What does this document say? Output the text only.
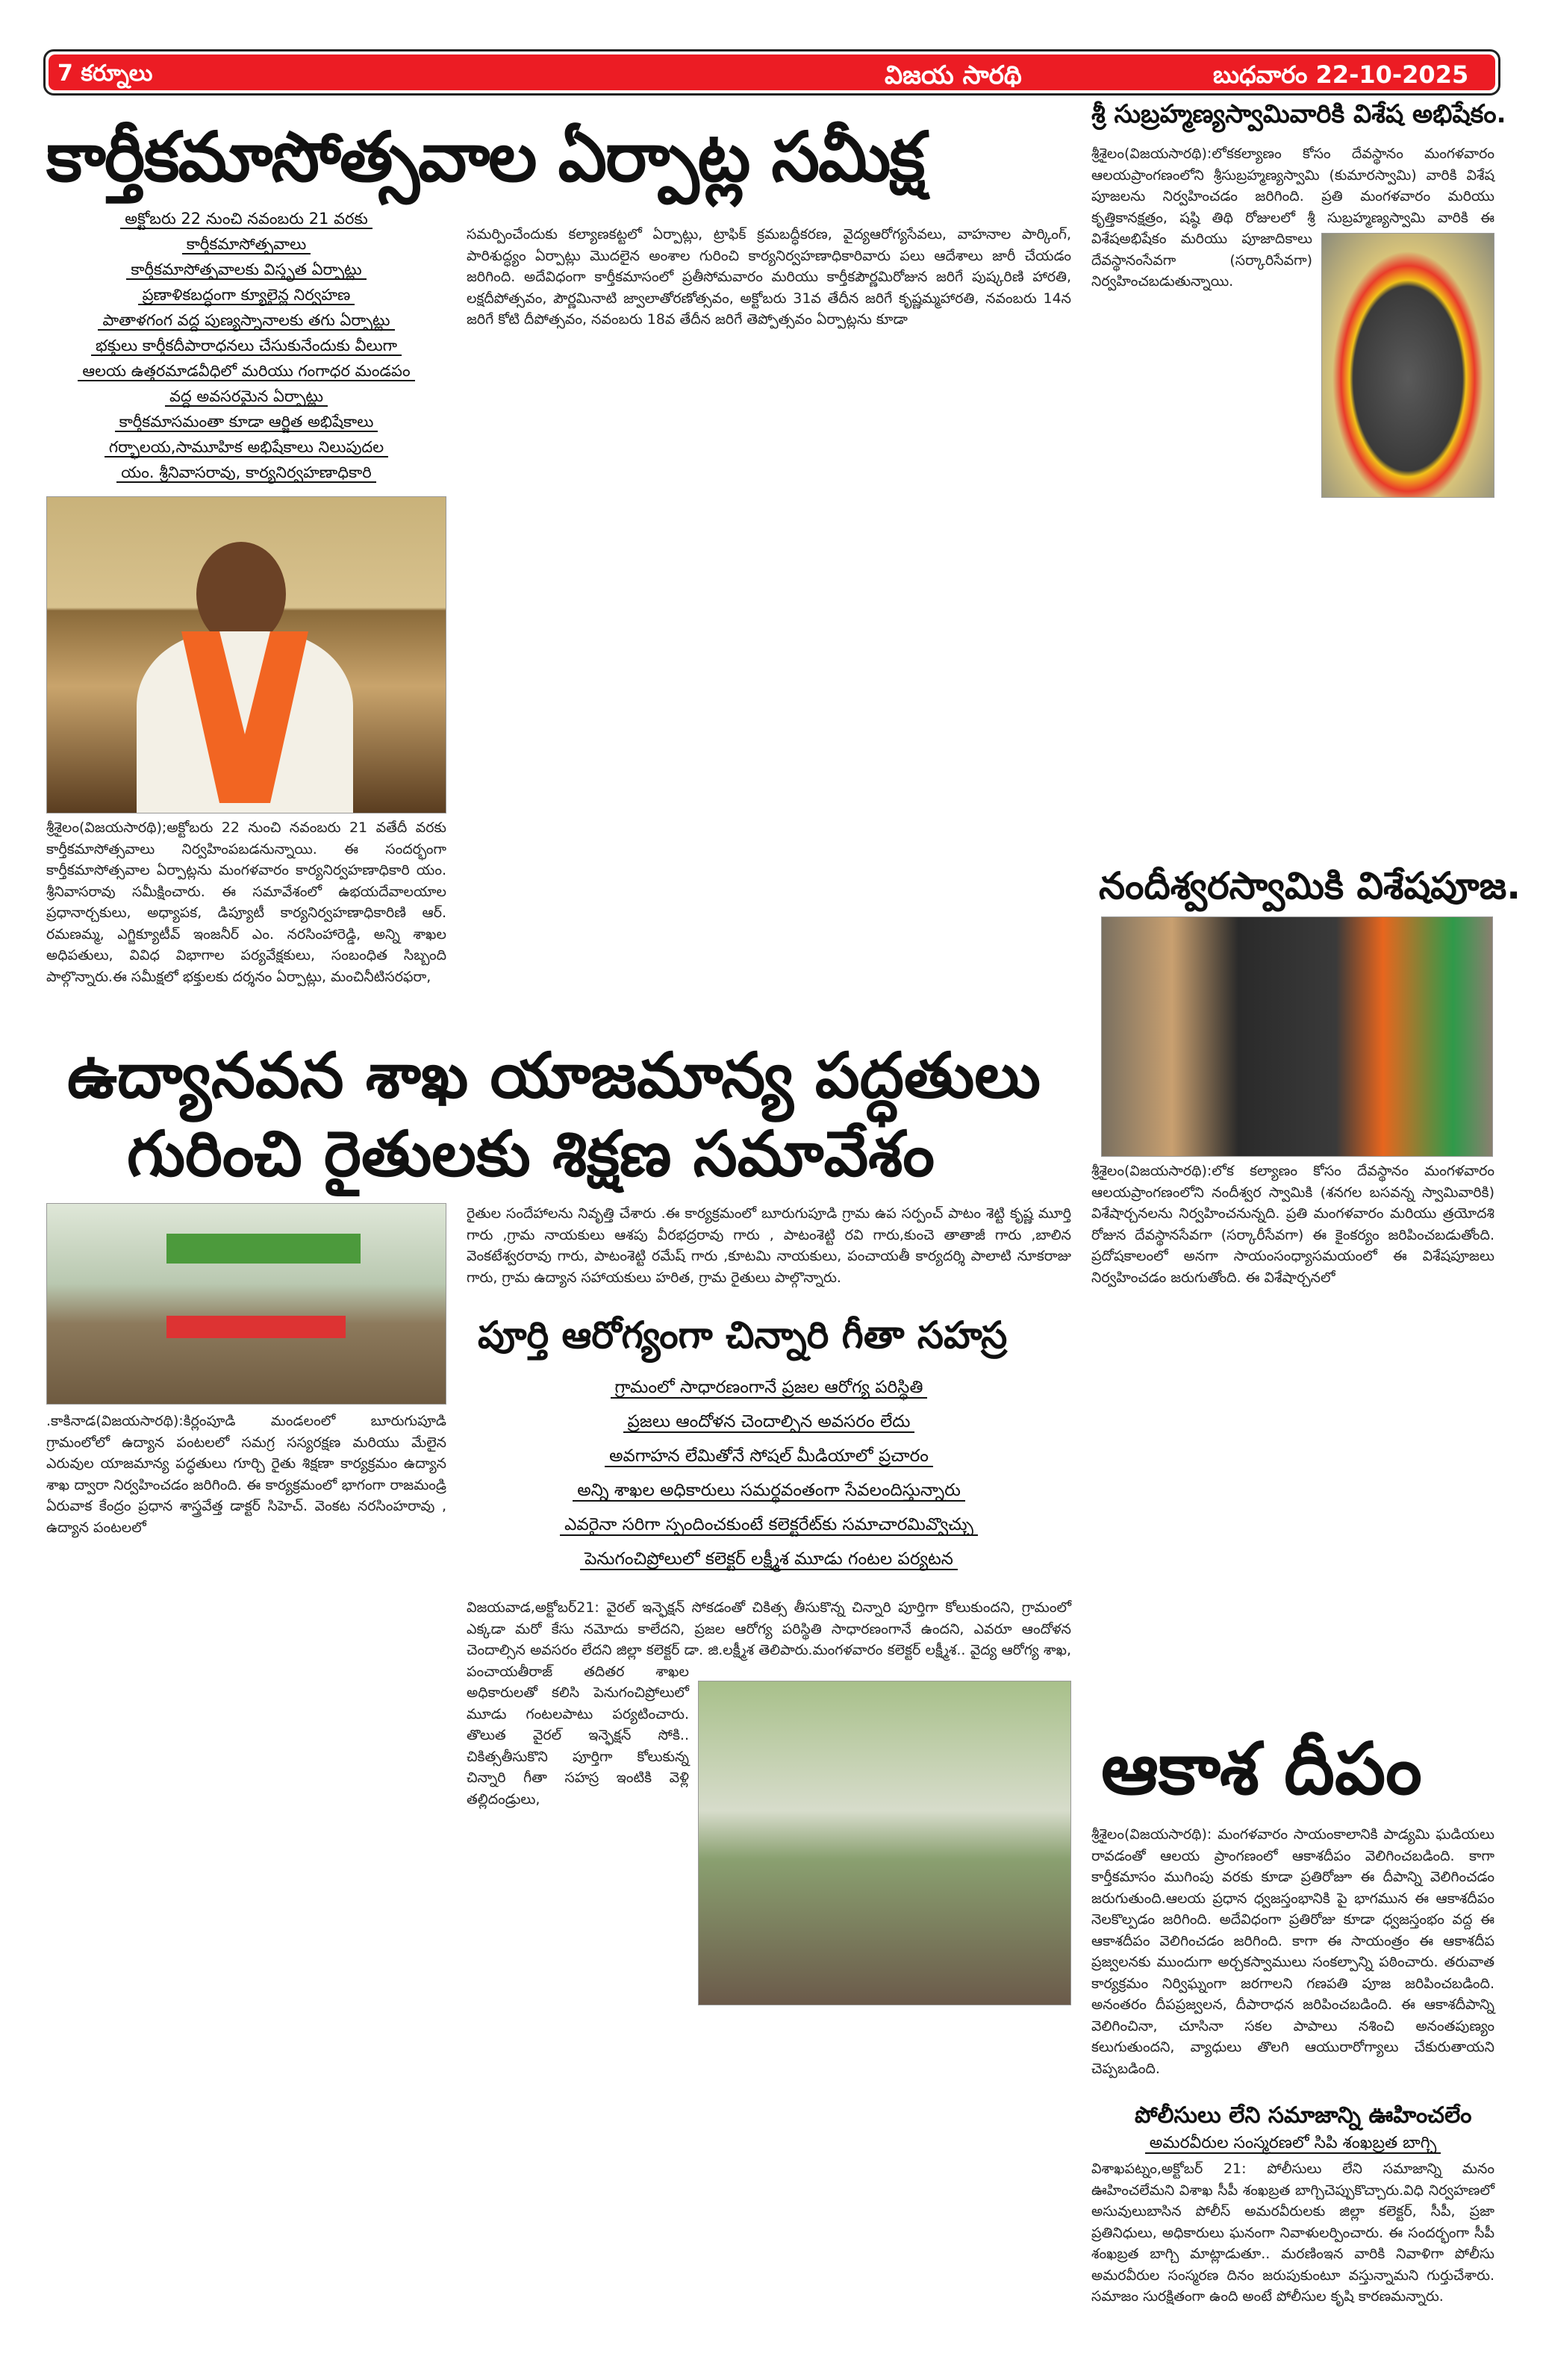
7 కర్నూలు	విజయ సారథి	బుధవారం 22-10-2025
కార్తీకమాసోత్సవాల ఏర్పాట్ల సమీక్ష
అక్టోబరు 22 నుంచి నవంబరు 21 వరకు
కార్తీకమాసోత్సవాలు
కార్తీకమాసోత్సవాలకు విస్తృత ఏర్పాట్లు
ప్రణాళికబద్ధంగా క్యూలైన్ల నిర్వహణ
పాతాళగంగ వద్ద పుణ్యస్నానాలకు తగు ఏర్పాట్లు
భక్తులు కార్తీకదీపారాధనలు చేసుకునేందుకు వీలుగా
ఆలయ ఉత్తరమాడవీధిలో మరియు గంగాధర మండపం
వద్ద అవసరమైన ఏర్పాట్లు
కార్తీకమాసమంతా కూడా ఆర్జిత అభిషేకాలు
గర్భాలయ,సామూహిక అభిషేకాలు నిలుపుదల
యం. శ్రీనివాసరావు, కార్యనిర్వహణాధికారి
శ్రీశైలం(విజయసారథి);అక్టోబరు 22 నుంచి నవంబరు 21 వతేదీ వరకు కార్తీకమాసోత్సవాలు నిర్వహింపబడనున్నాయి. ఈ సందర్భంగా కార్తీకమాసోత్సవాల ఏర్పాట్లను మంగళవారం కార్యనిర్వహణాధికారి యం. శ్రీనివాసరావు సమీక్షించారు. ఈ సమావేశంలో ఉభయదేవాలయాల ప్రధానార్చకులు, అధ్యాపక, డిప్యూటీ కార్యనిర్వహణాధికారిణి ఆర్. రమణమ్మ, ఎగ్జిక్యూటీవ్ ఇంజనీర్ ఎం. నరసింహారెడ్డి, అన్ని శాఖల అధిపతులు, వివిధ విభాగాల పర్యవేక్షకులు, సంబంధిత సిబ్బంది పాల్గొన్నారు.ఈ సమీక్షలో భక్తులకు దర్శనం ఏర్పాట్లు, మంచినీటిసరఫరా,
సమర్పించేందుకు కల్యాణకట్టలో ఏర్పాట్లు, ట్రాఫిక్ క్రమబద్ధీకరణ, వైద్యఆరోగ్యసేవలు, వాహనాల పార్కింగ్, పారిశుద్ధ్యం ఏర్పాట్లు మొదలైన అంశాల గురించి కార్యనిర్వహణాధికారివారు పలు ఆదేశాలు జారీ చేయడం జరిగింది. అదేవిధంగా కార్తీకమాసంలో ప్రతీసోమవారం మరియు కార్తీకపౌర్ణమిరోజున జరిగే పుష్కరిణి హారతి, లక్షదీపోత్సవం, పౌర్ణమినాటి జ్వాలాతోరణోత్సవం, అక్టోబరు 31వ తేదీన జరిగే కృష్ణమ్మహారతి, నవంబరు 14న జరిగే కోటి దీపోత్సవం, నవంబరు 18వ తేదీన జరిగే తెప్పోత్సవం ఏర్పాట్లను కూడా
ఉద్యానవన శాఖ యాజమాన్య పద్ధతులు
గురించి రైతులకు శిక్షణ సమావేశం
.కాకినాడ(విజయసారథి):కిర్లంపూడి మండలంలో బూరుగుపూడి గ్రామంలోలో ఉద్యాన పంటలలో సమగ్ర సస్యరక్షణ మరియు మేలైన ఎరువుల యాజమాన్య పద్ధతులు గూర్చి రైతు శిక్షణా కార్యక్రమం ఉద్యాన శాఖ ద్వారా నిర్వహించడం జరిగింది. ఈ కార్యక్రమంలో భాగంగా రాజమండ్రి ఏరువాక కేంద్రం ప్రధాన శాస్త్రవేత్త డాక్టర్ సిహెచ్. వెంకట నరసింహరావు , ఉద్యాన పంటలలో
రైతుల సందేహాలను నివృత్తి చేశారు .ఈ కార్యక్రమంలో బూరుగుపూడి గ్రామ ఉప సర్పంచ్ పాటం శెట్టి కృష్ణ మూర్తి గారు ,గ్రామ నాయకులు ఆశపు వీరభద్రరావు గారు , పాటంశెట్టి రవి గారు,కుంచె తాతాజీ గారు ,బాలిన వెంకటేశ్వరరావు గారు, పాటంశెట్టి రమేష్ గారు ,కూటమి నాయకులు, పంచాయతీ కార్యదర్శి పాలాటి నూకరాజు గారు, గ్రామ ఉద్యాన సహాయకులు హరిత, గ్రామ రైతులు పాల్గొన్నారు.
పూర్తి ఆరోగ్యంగా చిన్నారి గీతా సహస్ర
గ్రామంలో సాధారణంగానే ప్రజల ఆరోగ్య పరిస్థితి
ప్రజలు ఆందోళన చెందాల్సిన అవసరం లేదు
అవగాహన లేమితోనే సోషల్ మీడియాలో ప్రచారం
అన్ని శాఖల అధికారులు సమర్థవంతంగా సేవలందిస్తున్నారు
ఎవరైనా సరిగా స్పందించకుంటే కలెక్టరేట్‌కు సమాచారమివ్వొచ్చు
పెనుగంచిప్రోలులో కలెక్టర్ లక్ష్మీశ మూడు గంటల పర్యటన
విజయవాడ,అక్టోబర్21: వైరల్ ఇన్ఫెక్షన్ సోకడంతో చికిత్స తీసుకొన్న చిన్నారి పూర్తిగా కోలుకుందని, గ్రామంలో ఎక్కడా మరో కేసు నమోదు కాలేదని, ప్రజల ఆరోగ్య పరిస్థితి సాధారణంగానే ఉందని, ఎవరూ ఆందోళన చెందాల్సిన అవసరం లేదని జిల్లా కలెక్టర్ డా. జి.లక్ష్మీశ తెలిపారు.మంగళవారం కలెక్టర్ లక్ష్మీశ.. వైద్య ఆరోగ్య శాఖ, పంచాయతీరాజ్ తదితర శాఖల అధికారులతో కలిసి పెనుగంచిప్రోలులో మూడు గంటలపాటు పర్యటించారు. తొలుత వైరల్ ఇన్ఫెక్షన్ సోకి.. చికిత్సతీసుకొని పూర్తిగా కోలుకున్న చిన్నారి గీతా సహస్ర ఇంటికి వెళ్లి తల్లిదండ్రులు,
శ్రీ సుబ్రహ్మణ్యస్వామివారికి విశేష అభిషేకం.
శ్రీశైలం(విజయసారథి):లోకకల్యాణం కోసం దేవస్థానం మంగళవారం ఆలయప్రాంగణంలోని శ్రీసుబ్రహ్మణ్యస్వామి (కుమారస్వామి) వారికి విశేష పూజలను నిర్వహించడం జరిగింది. ప్రతి మంగళవారం మరియు కృత్తికానక్షత్రం, షష్ఠి తిథి రోజులలో శ్రీ సుబ్రహ్మణ్యస్వామి వారికి ఈ విశేషఅభిషేకం మరియు పూజాదికాలు దేవస్థానంసేవగా (సర్కారిసేవగా) నిర్వహించబడుతున్నాయి.
నందీశ్వరస్వామికి విశేషపూజ.
శ్రీశైలం(విజయసారథి):లోక కల్యాణం కోసం దేవస్థానం మంగళవారం ఆలయప్రాంగణంలోని నందీశ్వర స్వామికి (శనగల బసవన్న స్వామివారికి) విశేషార్చనలను నిర్వహించనున్నది. ప్రతి మంగళవారం మరియు త్రయోదశి రోజున దేవస్థానసేవగా (సర్కారీసేవగా) ఈ కైంకర్యం జరిపించబడుతోంది. ప్రదోషకాలంలో అనగా సాయంసంధ్యాసమయంలో ఈ విశేషపూజలు నిర్వహించడం జరుగుతోంది. ఈ విశేషార్చనలో
ఆకాశ దీపం
శ్రీశైలం(విజయసారథి): మంగళవారం సాయంకాలానికి పాడ్యమి ఘడియలు రావడంతో ఆలయ ప్రాంగణంలో ఆకాశదీపం వెలిగించబడింది. కాగా కార్తీకమాసం ముగింపు వరకు కూడా ప్రతిరోజూ ఈ దీపాన్ని వెలిగించడం జరుగుతుంది.ఆలయ ప్రధాన ధ్వజస్తంభానికి పై భాగమున ఈ ఆకాశదీపం నెలకొల్పడం జరిగింది. అదేవిధంగా ప్రతిరోజు కూడా ధ్వజస్తంభం వద్ద ఈ ఆకాశదీపం వెలిగించడం జరిగింది. కాగా ఈ సాయంత్రం ఈ ఆకాశదీప ప్రజ్వలనకు ముందుగా అర్చకస్వాములు సంకల్పాన్ని పఠించారు. తరువాత కార్యక్రమం నిర్విఘ్నంగా జరగాలని గణపతి పూజ జరిపించబడింది. అనంతరం దీపప్రజ్వలన, దీపారాధన జరిపించబడింది. ఈ ఆకాశదీపాన్ని వెలిగించినా, చూసినా సకల పాపాలు నశించి అనంతపుణ్యం కలుగుతుందని, వ్యాధులు తొలగి ఆయురారోగ్యాలు చేకురుతాయని చెప్పబడింది.
పోలీసులు లేని సమాజాన్ని ఊహించలేం
అమరవీరుల సంస్మరణలో సిపి శంఖబ్రత బాగ్చి
విశాఖపట్నం,అక్టోబర్ 21: పోలీసులు లేని సమాజాన్ని మనం ఊహించలేమని విశాఖ సీపీ శంఖబ్రత బాగ్చిచెప్పుకొచ్చారు.విధి నిర్వహణలో అసువులుబాసిన పోలీస్ అమరవీరులకు జిల్లా కలెక్టర్, సీపీ, ప్రజా ప్రతినిధులు, అధికారులు ఘనంగా నివాళులర్పించారు. ఈ సందర్భంగా సీపీ శంఖబ్రత బాగ్చి మాట్లాడుతూ.. మరణింఇన వారికి నివాళిగా పోలీసు అమరవీరుల సంస్మరణ దినం జరుపుకుంటూ వస్తున్నామని గుర్తుచేశారు. సమాజం సురక్షితంగా ఉంది అంటే పోలీసుల కృషి కారణమన్నారు.
